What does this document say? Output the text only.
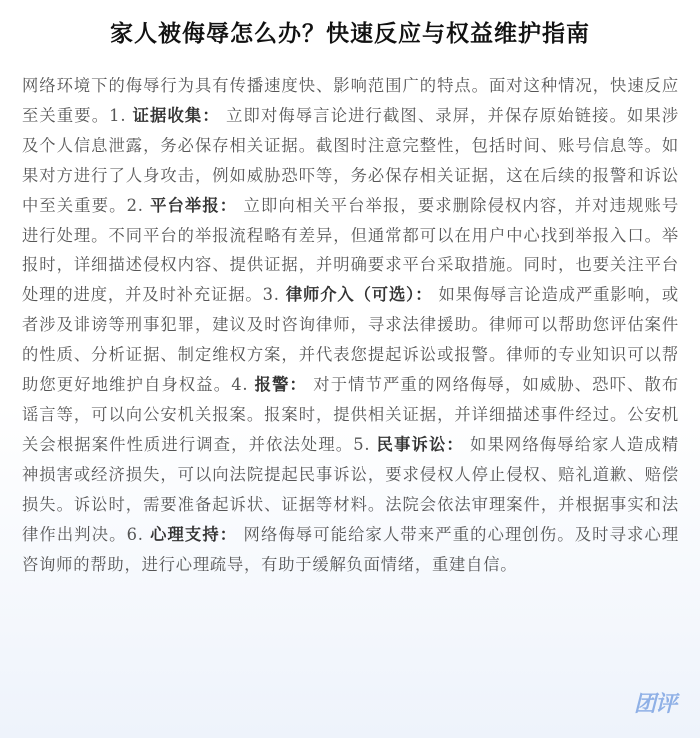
家人被侮辱怎么办？快速反应与权益维护指南
网络环境下的侮辱行为具有传播速度快、影响范围广的特点。面对这种情况，快速反应至关重要。1. 证据收集： 立即对侮辱言论进行截图、录屏，并保存原始链接。如果涉及个人信息泄露，务必保存相关证据。截图时注意完整性，包括时间、账号信息等。如果对方进行了人身攻击，例如威胁恐吓等，务必保存相关证据，这在后续的报警和诉讼中至关重要。2. 平台举报： 立即向相关平台举报，要求删除侵权内容，并对违规账号进行处理。不同平台的举报流程略有差异，但通常都可以在用户中心找到举报入口。举报时，详细描述侵权内容、提供证据，并明确要求平台采取措施。同时，也要关注平台处理的进度，并及时补充证据。3. 律师介入（可选）： 如果侮辱言论造成严重影响，或者涉及诽谤等刑事犯罪，建议及时咨询律师，寻求法律援助。律师可以帮助您评估案件的性质、分析证据、制定维权方案，并代表您提起诉讼或报警。律师的专业知识可以帮助您更好地维护自身权益。4. 报警： 对于情节严重的网络侮辱，如威胁、恐吓、散布谣言等，可以向公安机关报案。报案时，提供相关证据，并详细描述事件经过。公安机关会根据案件性质进行调查，并依法处理。5. 民事诉讼： 如果网络侮辱给家人造成精神损害或经济损失，可以向法院提起民事诉讼，要求侵权人停止侵权、赔礼道歉、赔偿损失。诉讼时，需要准备起诉状、证据等材料。法院会依法审理案件，并根据事实和法律作出判决。6. 心理支持： 网络侮辱可能给家人带来严重的心理创伤。及时寻求心理咨询师的帮助，进行心理疏导，有助于缓解负面情绪，重建自信。
团评
